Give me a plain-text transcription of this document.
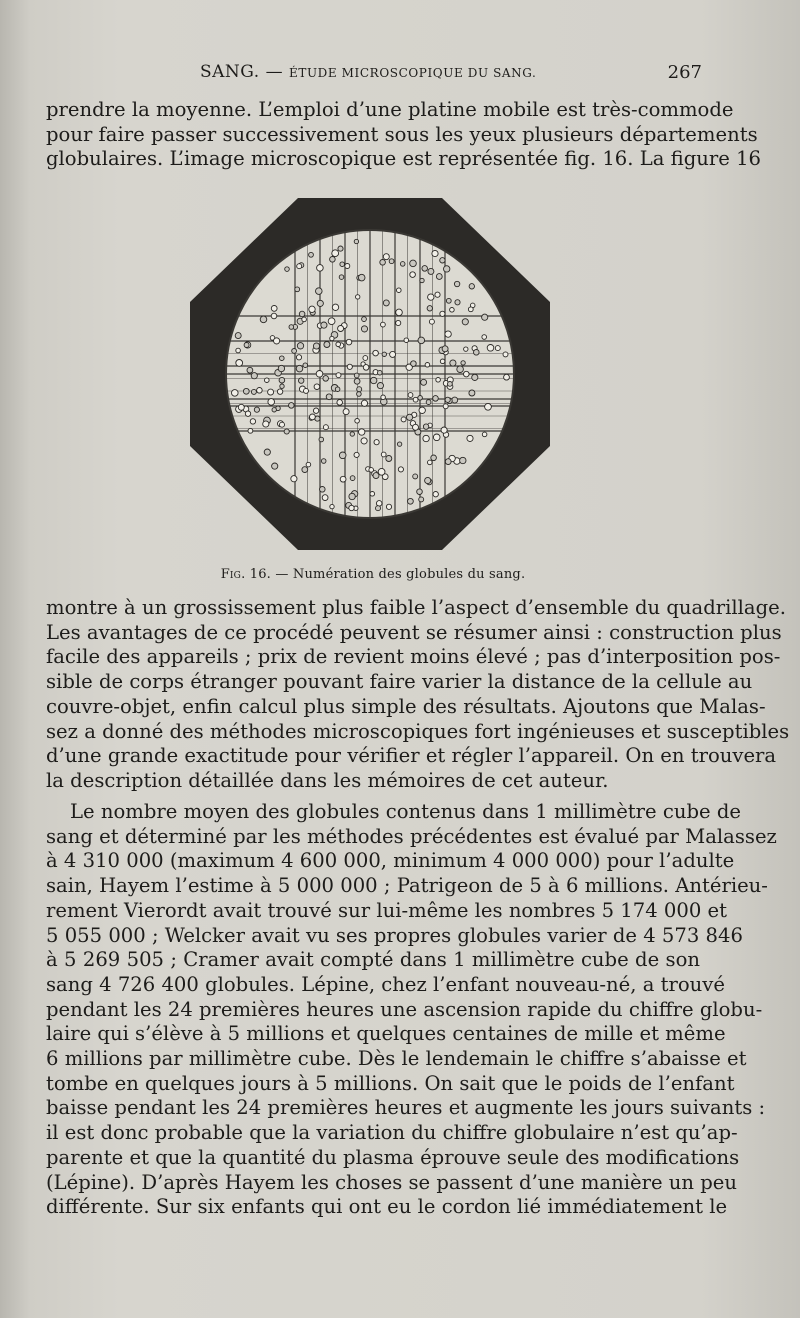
SANG. — ÉTUDE MICROSCOPIQUE DU SANG.	267
prendre la moyenne. L’emploi d’une platine mobile est très-commode
pour faire passer successivement sous les yeux plusieurs départements
globulaires. L’image microscopique est représentée fig. 16. La figure 16
Fig. 16. — Numération des globules du sang.
montre à un grossissement plus faible l’aspect d’ensemble du quadrillage.
Les avantages de ce procédé peuvent se résumer ainsi : construction plus
facile des appareils ; prix de revient moins élevé ; pas d’interposition pos-
sible de corps étranger pouvant faire varier la distance de la cellule au
couvre-objet, enfin calcul plus simple des résultats. Ajoutons que Malas-
sez a donné des méthodes microscopiques fort ingénieuses et susceptibles
d’une grande exactitude pour vérifier et régler l’appareil. On en trouvera
la description détaillée dans les mémoires de cet auteur.
Le nombre moyen des globules contenus dans 1 millimètre cube de
sang et déterminé par les méthodes précédentes est évalué par Malassez
à 4 310 000 (maximum 4 600 000, minimum 4 000 000) pour l’adulte
sain, Hayem l’estime à 5 000 000 ; Patrigeon de 5 à 6 millions. Antérieu-
rement Vierordt avait trouvé sur lui-même les nombres 5 174 000 et
5 055 000 ; Welcker avait vu ses propres globules varier de 4 573 846
à 5 269 505 ; Cramer avait compté dans 1 millimètre cube de son
sang 4 726 400 globules. Lépine, chez l’enfant nouveau-né, a trouvé
pendant les 24 premières heures une ascension rapide du chiffre globu-
laire qui s’élève à 5 millions et quelques centaines de mille et même
6 millions par millimètre cube. Dès le lendemain le chiffre s’abaisse et
tombe en quelques jours à 5 millions. On sait que le poids de l’enfant
baisse pendant les 24 premières heures et augmente les jours suivants :
il est donc probable que la variation du chiffre globulaire n’est qu’ap-
parente et que la quantité du plasma éprouve seule des modifications
(Lépine). D’après Hayem les choses se passent d’une manière un peu
différente. Sur six enfants qui ont eu le cordon lié immédiatement le
